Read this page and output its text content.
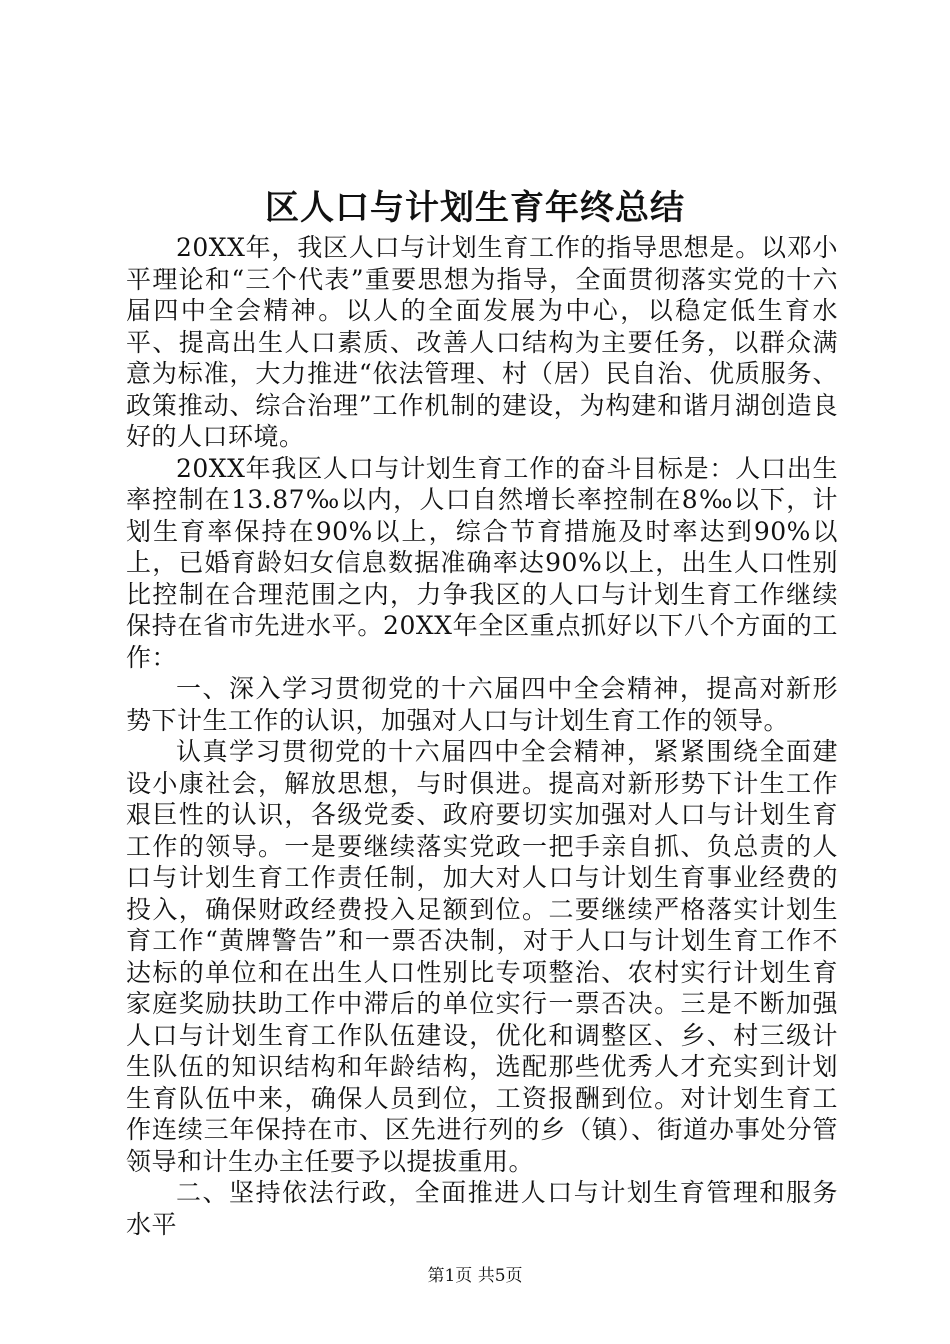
区人口与计划生育年终总结

20XX年，我区人口与计划生育工作的指导思想是。以邓小平理论和“三个代表”重要思想为指导，全面贯彻落实党的十六届四中全会精神。以人的全面发展为中心，以稳定低生育水平、提高出生人口素质、改善人口结构为主要任务，以群众满意为标准，大力推进“依法管理、村（居）民自治、优质服务、政策推动、综合治理”工作机制的建设，为构建和谐月湖创造良好的人口环境。

20XX年我区人口与计划生育工作的奋斗目标是：人口出生率控制在13.87‰以内，人口自然增长率控制在8‰以下，计划生育率保持在90%以上，综合节育措施及时率达到90%以上，已婚育龄妇女信息数据准确率达90%以上，出生人口性别比控制在合理范围之内，力争我区的人口与计划生育工作继续保持在省市先进水平。20XX年全区重点抓好以下八个方面的工作：

一、深入学习贯彻党的十六届四中全会精神，提高对新形势下计生工作的认识，加强对人口与计划生育工作的领导。

认真学习贯彻党的十六届四中全会精神，紧紧围绕全面建设小康社会，解放思想，与时俱进。提高对新形势下计生工作艰巨性的认识，各级党委、政府要切实加强对人口与计划生育工作的领导。一是要继续落实党政一把手亲自抓、负总责的人口与计划生育工作责任制，加大对人口与计划生育事业经费的投入，确保财政经费投入足额到位。二要继续严格落实计划生育工作“黄牌警告”和一票否决制，对于人口与计划生育工作不达标的单位和在出生人口性别比专项整治、农村实行计划生育家庭奖励扶助工作中滞后的单位实行一票否决。三是不断加强人口与计划生育工作队伍建设，优化和调整区、乡、村三级计生队伍的知识结构和年龄结构，选配那些优秀人才充实到计划生育队伍中来，确保人员到位，工资报酬到位。对计划生育工作连续三年保持在市、区先进行列的乡（镇）、街道办事处分管领导和计生办主任要予以提拔重用。

二、坚持依法行政，全面推进人口与计划生育管理和服务水平

第1页 共5页
